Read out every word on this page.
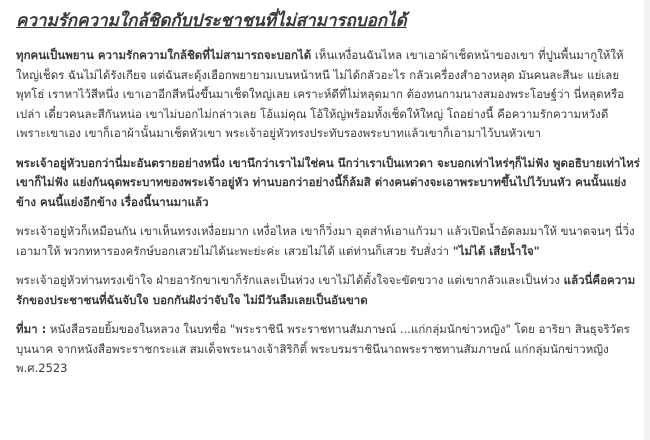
ความรักความใกล้ชิดกับประชาชนที่ไม่สามารถบอกได้

ทุกคนเป็นพยาน ความรักความใกล้ชิดที่ไม่สามารถจะบอกได้ เห็นเหงื่อนฉันไหล เขาเอาผ้าเช็ดหน้าของเขา ที่ปูนพื้นมากูให้ให้ใหญ่เช็ดร ฉันไม่ได้รังเกียจ แต่ฉันสะดุ้งเฮือกพยายามเบนหน้าหนี ไม่ได้กลัวอะไร กลัวเครื่องสำอางหลุด มันคนละสีนะ แย่เลย พุทโธ่ เราหาไว้สีหนึ่ง เขาเอาอีกสีหนึ่งขึ้นมาเช็ดใหญ่เลย เคราะห์ดีที่ไม่หลุดมาก ต้องทนกามนางสมองพระโอษฐ์ว่า นี่หลุดหรือเปล่า เดี๋ยวคนละสีกันหน่อ เขาไม่บอกไม่กล่าวเลย โอ้แม่คุณ โอ้ให้ญ่พร้อมทั้งเช็ดให้ใหญ่ โถอย่างนี้ คือความรักความหวังดี เพราะเขาเอง เขาก็เอาผ้านั้นมาเช็ดหัวเขา พระเจ้าอยู่หัวทรงประทับรองพระบาทแล้วเขาก็เอามาไว้บนหัวเขา

พระเจ้าอยู่หัวบอกว่านี่มะอันตรายอย่างหนึ่ง เขานึกว่าเราไม่ใช่คน นึกว่าเราเป็นเทวดา จะบอกเท่าไหร่ๆก็ไม่ฟัง พูดอธิบายเท่าไหร่เขาก็ไม่ฟัง แย่งกันฉุดพระบาทของพระเจ้าอยู่หัว ท่านบอกว่าอย่างนี้ก็ล้มสิ ต่างคนต่างจะเอาพระบาทขึ้นไปไว้บนหัว คนนั้นแย่งข้าง คนนี้แย่งอีกข้าง เรื่องนี้นานมาแล้ว

พระเจ้าอยู่หัวก็เหมือนกัน เขาเห็นทรงเหงื่อยมาก เหงื่อไหล เขาก็วิ่งมา อุตส่าห์เอาแก้วมา แล้วเปิดน้ำอัดลมมาให้ ขนาดจนๆ นี่วิ่งเอามาให้ พวกทหารองครักษ์บอกเสวยไม่ได้นะพะย่ะค่ะ เสวยไม่ได้ แต่ท่านก็เสวย รับสั่งว่า "ไม่ได้ เสียน้ำใจ"

พระเจ้าอยู่หัวท่านทรงเข้าใจ ฝ่ายอารักขาเขาก็รักและเป็นห่วง เขาไม่ได้ตั้งใจจะขัดขวาง แต่เขากลัวและเป็นห่วง แล้วนี่คือความรักของประชาชนที่ฉันจับใจ บอกกันฝังว่าจับใจ ไม่มีวันลืมเลยเป็นอันขาด

ที่มา : หนังสือรอยยิ้มของในหลวง ในบทชื่อ "พระราชินี พระราชทานสัมภาษณ์ ...แก่กลุ่มนักข่าวหญิง" โดย อาริยา สินธุจริวัตร บุนนาค จากหนังสือพระราชกระแส สมเด็จพระนางเจ้าสิริกิติ์ พระบรมราชินีนาถพระราชทานสัมภาษณ์ แก่กลุ่มนักข่าวหญิง พ.ศ.2523
